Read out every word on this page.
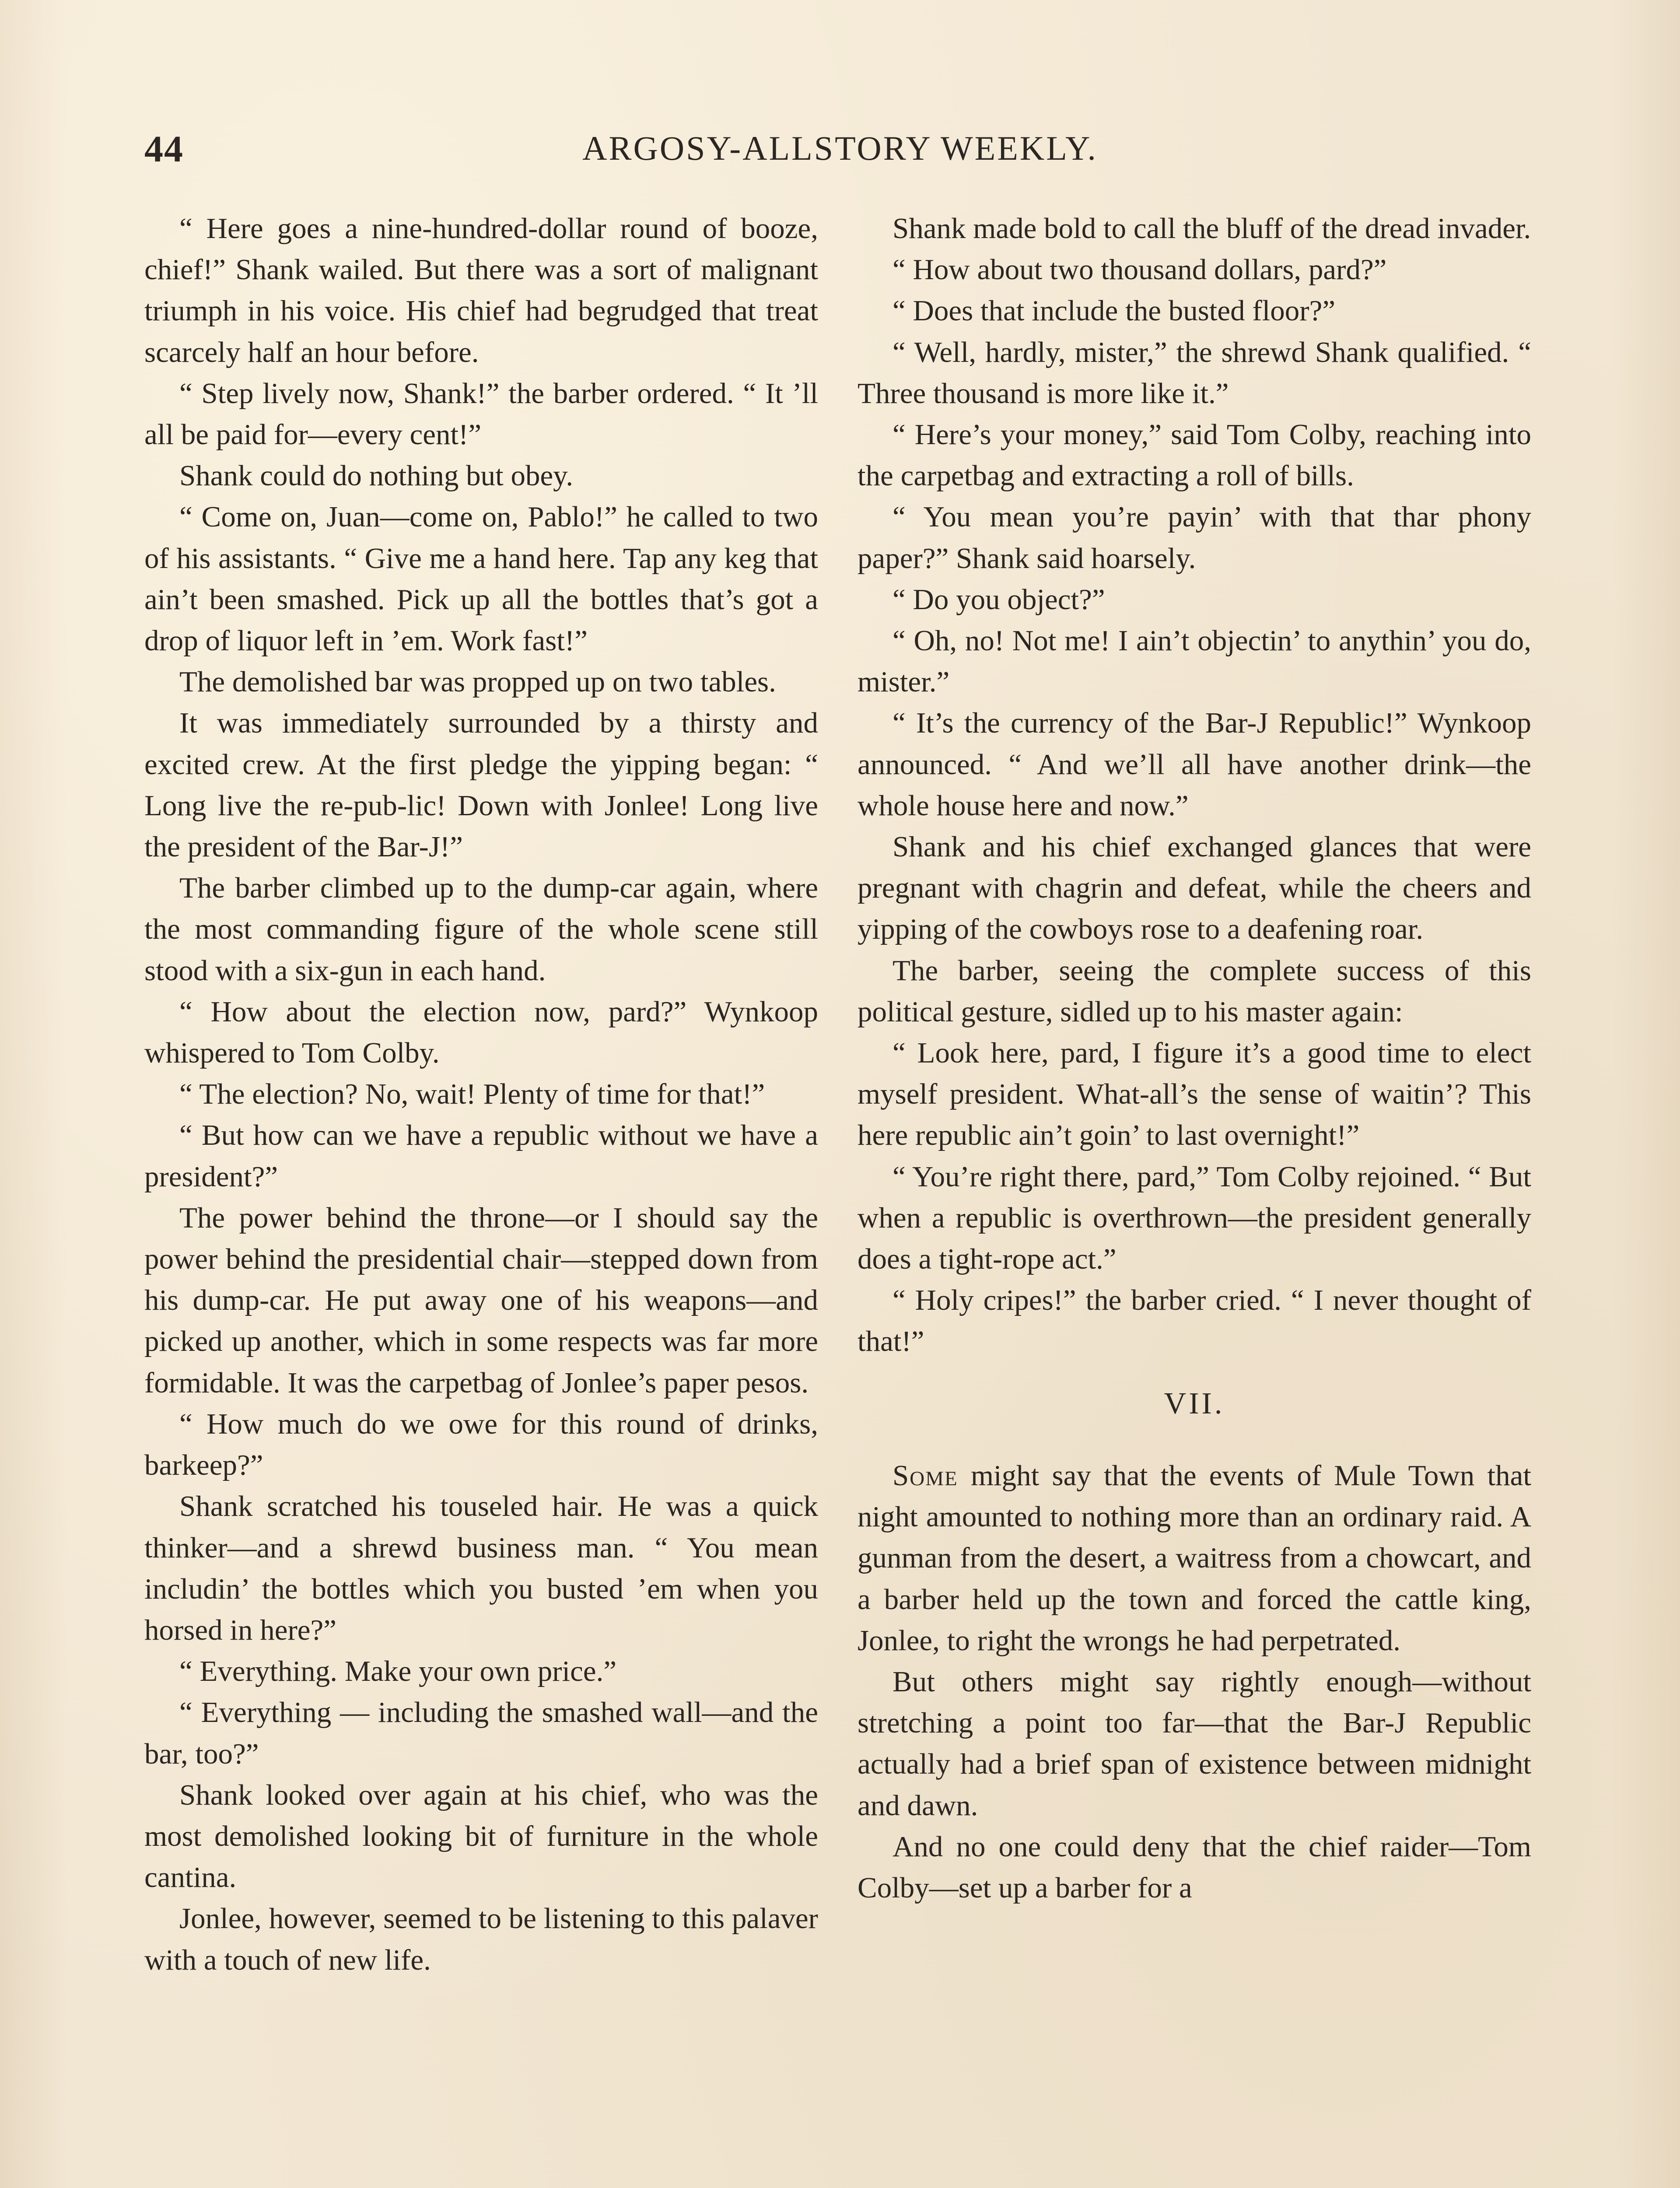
44	ARGOSY-ALLSTORY WEEKLY.

“ Here goes a nine-hundred-dollar round of booze, chief!” Shank wailed. But there was a sort of malignant triumph in his voice. His chief had begrudged that treat scarcely half an hour before.

“ Step lively now, Shank!” the barber ordered. “ It ’ll all be paid for—every cent!”

Shank could do nothing but obey.

“ Come on, Juan—come on, Pablo!” he called to two of his assistants. “ Give me a hand here. Tap any keg that ain’t been smashed. Pick up all the bottles that’s got a drop of liquor left in ’em. Work fast!”

The demolished bar was propped up on two tables.

It was immediately surrounded by a thirsty and excited crew. At the first pledge the yipping began: “ Long live the re-pub-lic! Down with Jonlee! Long live the president of the Bar-J!”

The barber climbed up to the dump-car again, where the most commanding figure of the whole scene still stood with a six-gun in each hand.

“ How about the election now, pard?” Wynkoop whispered to Tom Colby.

“ The election? No, wait! Plenty of time for that!”

“ But how can we have a republic without we have a president?”

The power behind the throne—or I should say the power behind the presidential chair—stepped down from his dump-car. He put away one of his weapons—and picked up another, which in some respects was far more formidable. It was the carpetbag of Jonlee’s paper pesos.

“ How much do we owe for this round of drinks, barkeep?”

Shank scratched his touseled hair. He was a quick thinker—and a shrewd business man. “ You mean includin’ the bottles which you busted ’em when you horsed in here?”

“ Everything. Make your own price.”

“ Everything — including the smashed wall—and the bar, too?”

Shank looked over again at his chief, who was the most demolished looking bit of furniture in the whole cantina.

Jonlee, however, seemed to be listening to this palaver with a touch of new life.

Shank made bold to call the bluff of the dread invader.

“ How about two thousand dollars, pard?”

“ Does that include the busted floor?”

“ Well, hardly, mister,” the shrewd Shank qualified. “ Three thousand is more like it.”

“ Here’s your money,” said Tom Colby, reaching into the carpetbag and extracting a roll of bills.

“ You mean you’re payin’ with that thar phony paper?” Shank said hoarsely.

“ Do you object?”

“ Oh, no! Not me! I ain’t objectin’ to anythin’ you do, mister.”

“ It’s the currency of the Bar-J Republic!” Wynkoop announced. “ And we’ll all have another drink—the whole house here and now.”

Shank and his chief exchanged glances that were pregnant with chagrin and defeat, while the cheers and yipping of the cowboys rose to a deafening roar.

The barber, seeing the complete success of this political gesture, sidled up to his master again:

“ Look here, pard, I figure it’s a good time to elect myself president. What-all’s the sense of waitin’? This here republic ain’t goin’ to last overnight!”

“ You’re right there, pard,” Tom Colby rejoined. “ But when a republic is overthrown—the president generally does a tight-rope act.”

“ Holy cripes!” the barber cried. “ I never thought of that!”

VII.

Some might say that the events of Mule Town that night amounted to nothing more than an ordinary raid. A gunman from the desert, a waitress from a chowcart, and a barber held up the town and forced the cattle king, Jonlee, to right the wrongs he had perpetrated.

But others might say rightly enough—without stretching a point too far—that the Bar-J Republic actually had a brief span of existence between midnight and dawn.

And no one could deny that the chief raider—Tom Colby—set up a barber for a
